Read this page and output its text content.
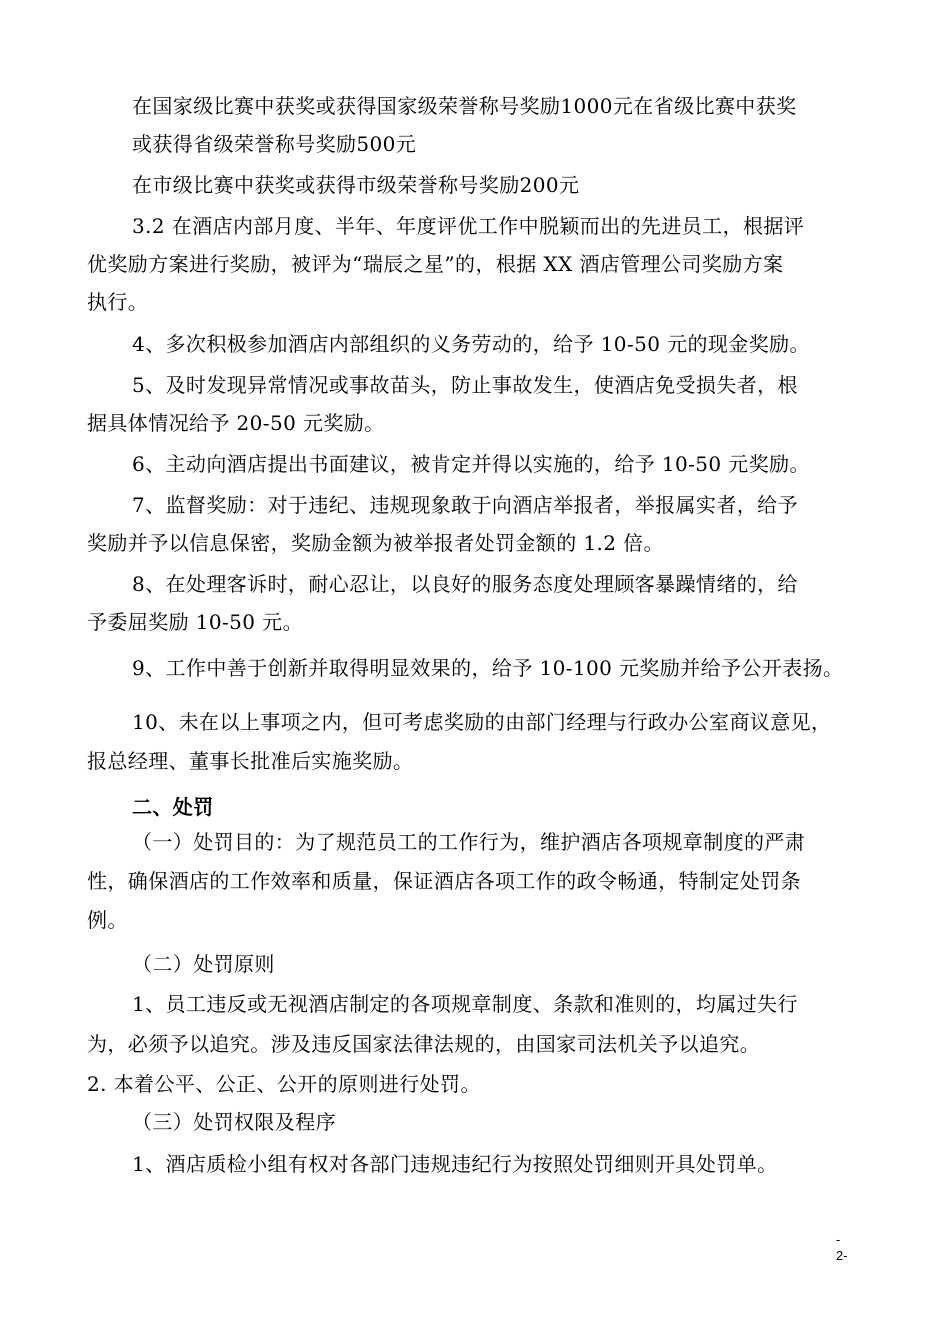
在国家级比赛中获奖或获得国家级荣誉称号奖励1000元在省级比赛中获奖
或获得省级荣誉称号奖励500元
在市级比赛中获奖或获得市级荣誉称号奖励200元
3.2 在酒店内部月度、半年、年度评优工作中脱颖而出的先进员工，根据评
优奖励方案进行奖励，被评为“瑞辰之星”的，根据 XX 酒店管理公司奖励方案
执行。
4、多次积极参加酒店内部组织的义务劳动的，给予 10-50 元的现金奖励。
5、及时发现异常情况或事故苗头，防止事故发生，使酒店免受损失者，根
据具体情况给予 20-50 元奖励。
6、主动向酒店提出书面建议，被肯定并得以实施的，给予 10-50 元奖励。
7、监督奖励：对于违纪、违规现象敢于向酒店举报者，举报属实者，给予
奖励并予以信息保密，奖励金额为被举报者处罚金额的 1.2 倍。
8、在处理客诉时，耐心忍让，以良好的服务态度处理顾客暴躁情绪的，给
予委屈奖励 10-50 元。
9、工作中善于创新并取得明显效果的，给予 10-100 元奖励并给予公开表扬。
10、未在以上事项之内，但可考虑奖励的由部门经理与行政办公室商议意见，
报总经理、董事长批准后实施奖励。
二、处罚
（一）处罚目的：为了规范员工的工作行为，维护酒店各项规章制度的严肃
性，确保酒店的工作效率和质量，保证酒店各项工作的政令畅通，特制定处罚条
例。
（二）处罚原则
1、员工违反或无视酒店制定的各项规章制度、条款和准则的，均属过失行
为，必须予以追究。涉及违反国家法律法规的，由国家司法机关予以追究。
2. 本着公平、公正、公开的原则进行处罚。
（三）处罚权限及程序
1、酒店质检小组有权对各部门违规违纪行为按照处罚细则开具处罚单。
-
2-
